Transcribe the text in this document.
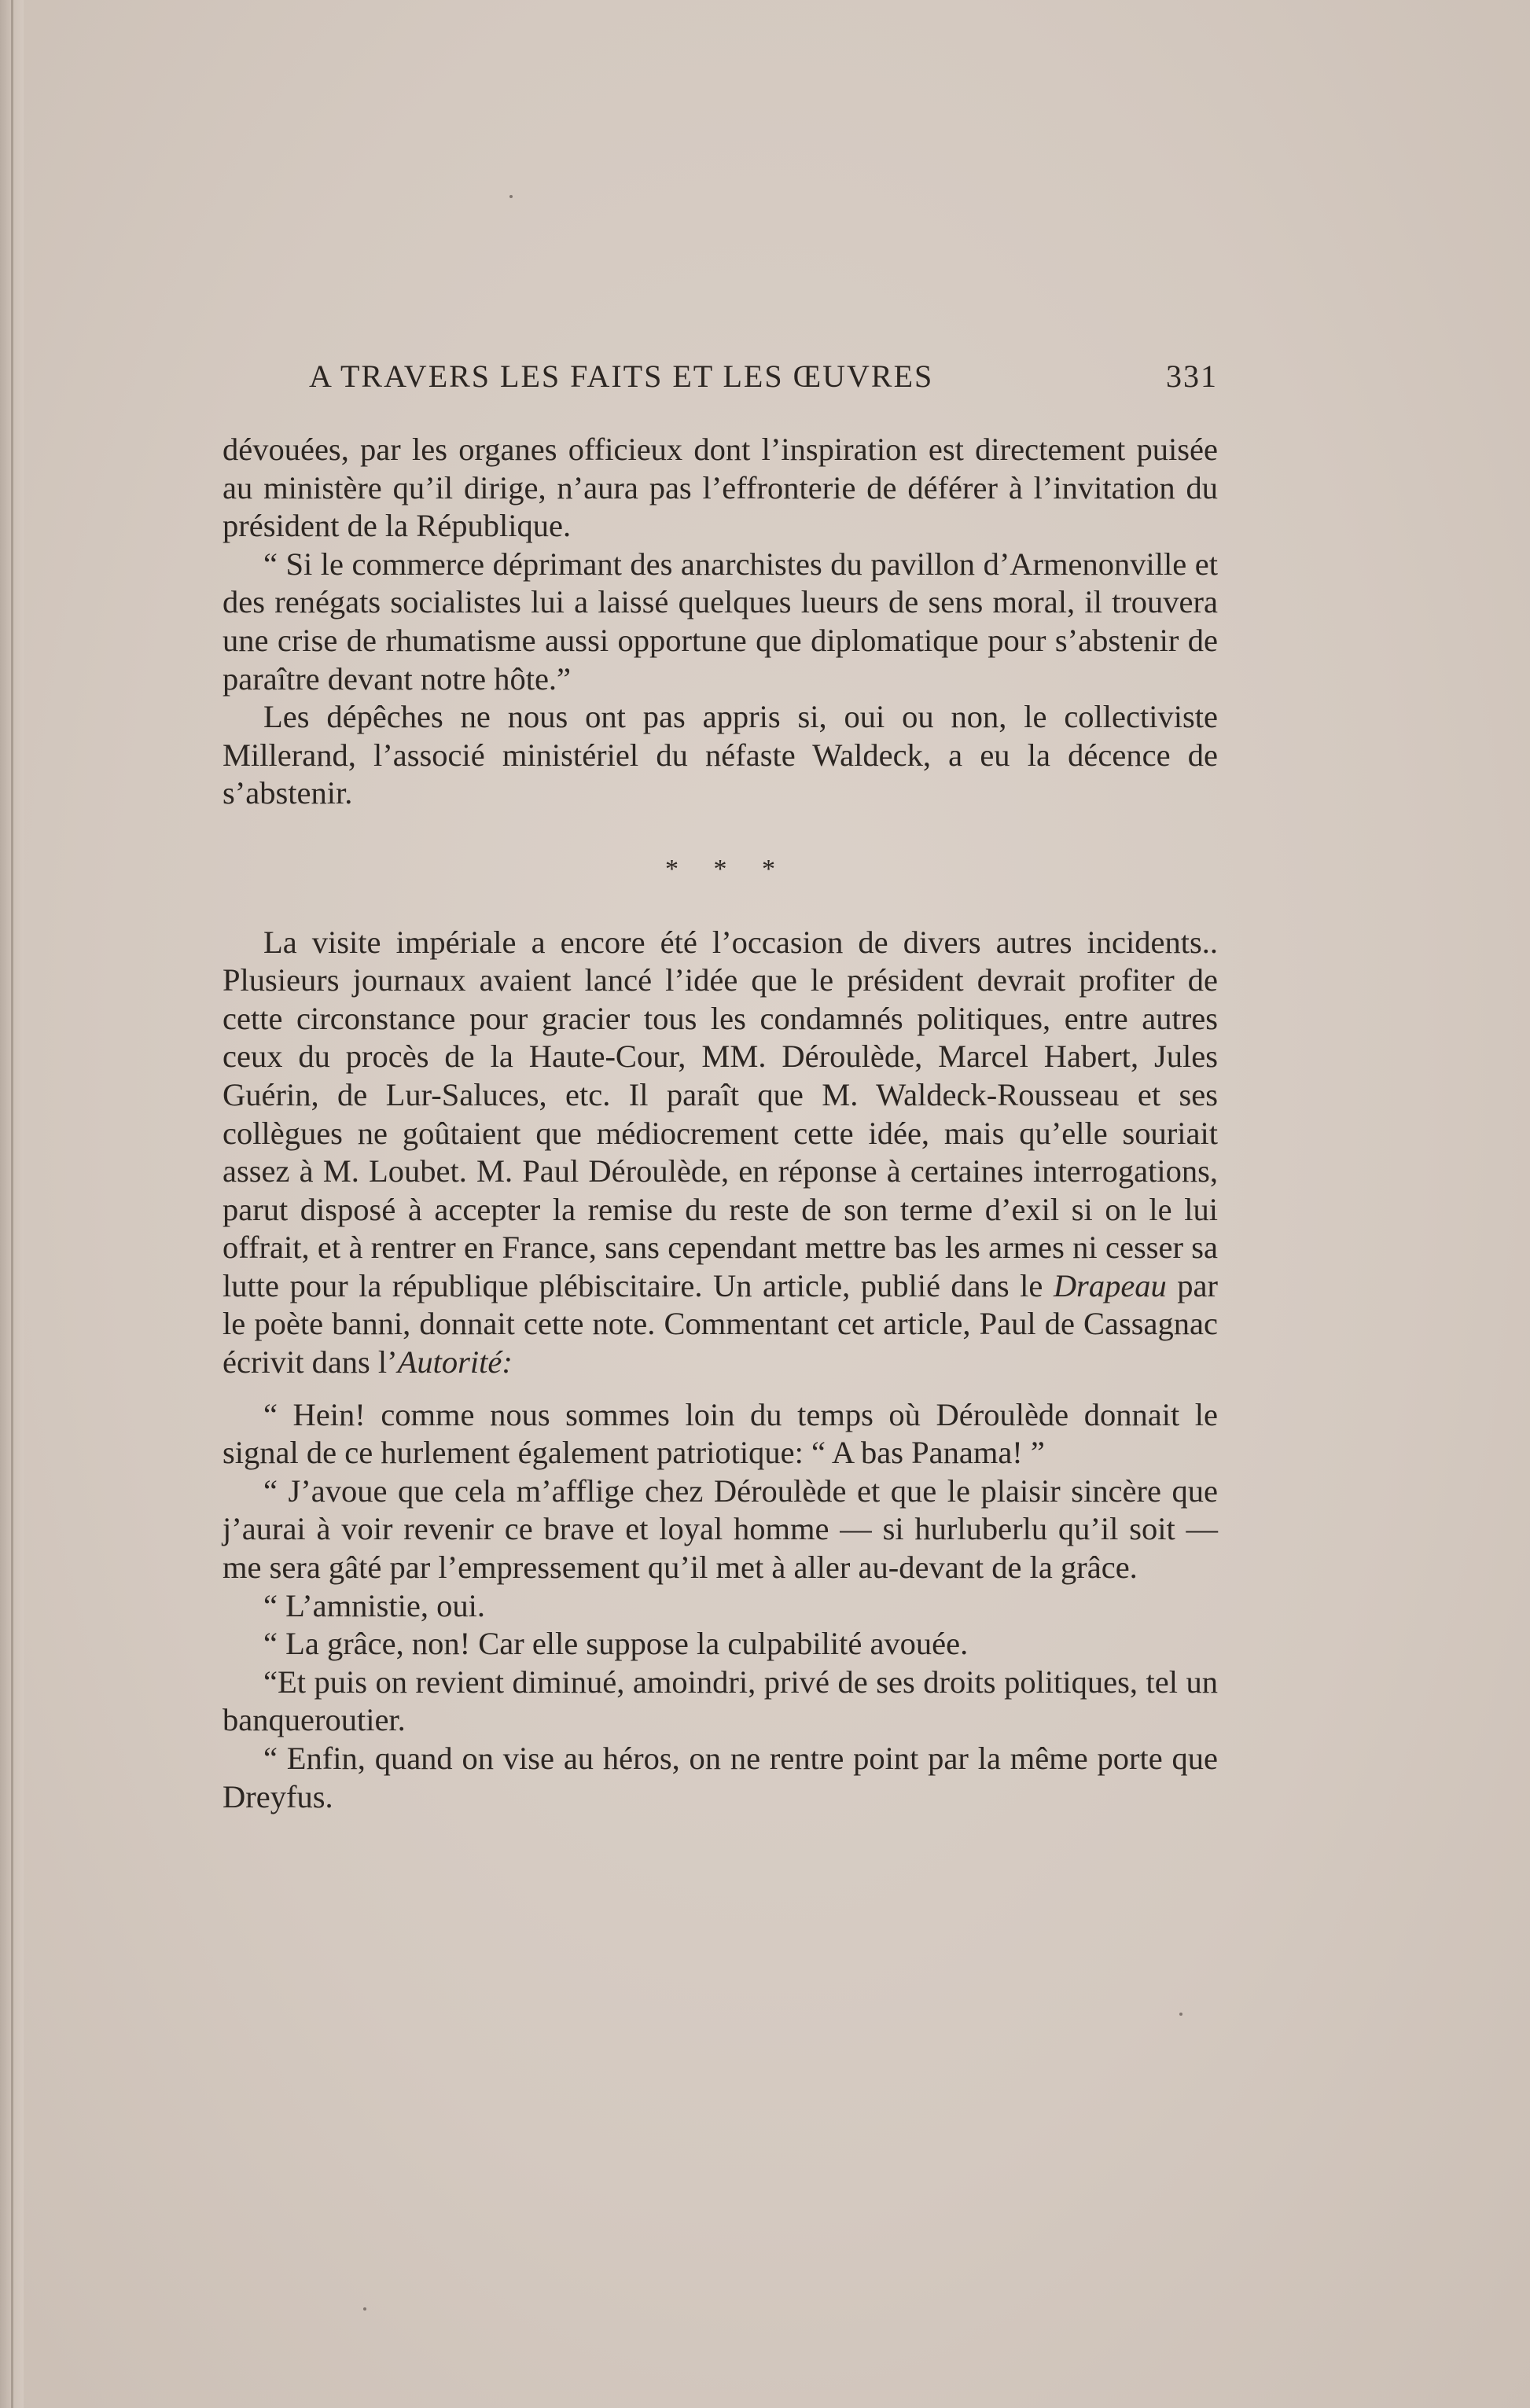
A TRAVERS LES FAITS ET LES ŒUVRES	331

dévouées, par les organes officieux dont l’inspiration est directement puisée au ministère qu’il dirige, n’aura pas l’effronterie de déférer à l’invitation du président de la République.

“ Si le commerce déprimant des anarchistes du pavillon d’Armenonville et des renégats socialistes lui a laissé quelques lueurs de sens moral, il trouvera une crise de rhumatisme aussi opportune que diplomatique pour s’abstenir de paraître devant notre hôte.”

Les dépêches ne nous ont pas appris si, oui ou non, le collectiviste Millerand, l’associé ministériel du néfaste Waldeck, a eu la décence de s’abstenir.

* * *

La visite impériale a encore été l’occasion de divers autres incidents.. Plusieurs journaux avaient lancé l’idée que le président devrait profiter de cette circonstance pour gracier tous les condamnés politiques, entre autres ceux du procès de la Haute-Cour, MM. Déroulède, Marcel Habert, Jules Guérin, de Lur-Saluces, etc. Il paraît que M. Waldeck-Rousseau et ses collègues ne goûtaient que médiocrement cette idée, mais qu’elle souriait assez à M. Loubet. M. Paul Déroulède, en réponse à certaines interrogations, parut disposé à accepter la remise du reste de son terme d’exil si on le lui offrait, et à rentrer en France, sans cependant mettre bas les armes ni cesser sa lutte pour la république plébiscitaire. Un article, publié dans le Drapeau par le poète banni, donnait cette note. Commentant cet article, Paul de Cassagnac écrivit dans l’Autorité:

“ Hein! comme nous sommes loin du temps où Déroulède donnait le signal de ce hurlement également patriotique: “ A bas Panama! ”

“ J’avoue que cela m’afflige chez Déroulède et que le plaisir sincère que j’aurai à voir revenir ce brave et loyal homme — si hurluberlu qu’il soit — me sera gâté par l’empressement qu’il met à aller au-devant de la grâce.

“ L’amnistie, oui.

“ La grâce, non! Car elle suppose la culpabilité avouée.

“Et puis on revient diminué, amoindri, privé de ses droits politiques, tel un banqueroutier.

“ Enfin, quand on vise au héros, on ne rentre point par la même porte que Dreyfus.
